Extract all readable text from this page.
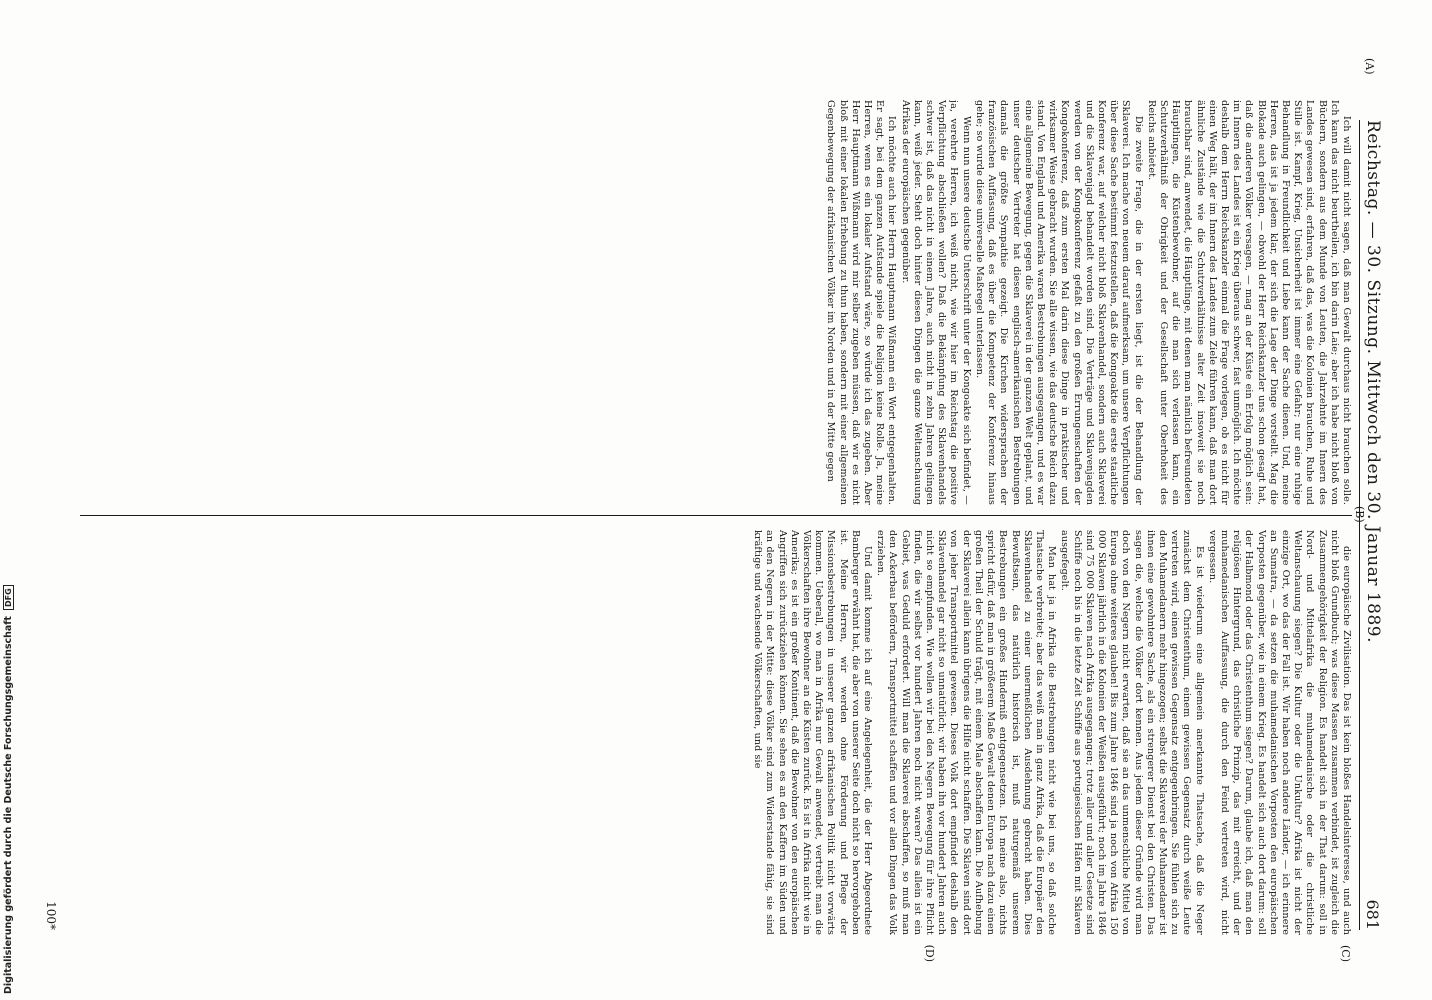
Reichstag. — 30. Sitzung. Mittwoch den 30. Januar 1889.
681
(A)
(B)
(C)
(D)

Ich will damit nicht sagen, daß man Gewalt durchaus nicht brauchen solle. Ich kann das nicht beurtheilen, ich bin darin Laie; aber ich habe nicht bloß von Büchern, sondern aus dem Munde von Leuten, die Jahrzehnte im Innern des Landes gewesen sind, erfahren, daß das, was die Kolonien brauchen, Ruhe und Stille ist. Kampf, Krieg, Unsicherheit ist immer eine Gefahr; nur eine ruhige Behandlung in Freundlichkeit und Liebe kann der Sache dienen. Und, meine Herren, das ist ja jedem klar, der sich die Lage der Dinge vorstellt. Mag die Blokade auch gelingen, — obwohl der Herr Reichskanzler uns schon gesagt hat, daß die anderen Völker versagen, — mag an der Küste ein Erfolg möglich sein: im Innern des Landes ist ein Krieg überaus schwer, fast unmöglich. Ich möchte deshalb dem Herrn Reichskanzler einmal die Frage vorlegen, ob es nicht für einen Weg hält, der im Innern des Landes zum Ziele führen kann, daß man dort ähnliche Zustände wie die Schutzverhältnisse alter Zeit insoweit sie noch brauchbar sind, anwendet, die Häuptlinge, mit denen man nämlich befreundeten Häuptlingen, die Küstenbewohner, auf die man sich verlassen kann, ein Schutzverhältniß der Obrigkeit und der Gesellschaft unter Oberhoheit des Reichs anbietet.

Die zweite Frage, die in der ersten liegt, ist die der Behandlung der Sklaverei. Ich mache von neuem darauf aufmerksam, um unsere Verpflichtungen über diese Sache bestimmt festzustellen, daß die Kongoakte die erste staatliche Konferenz war, auf welcher nicht bloß Sklavenhandel, sondern auch Sklaverei und die Sklavenjagd behandelt worden sind. Die Verträge und Sklavenjagden werden von der Kongokonferenz gefaßt zu den großen Errungenschaften der Kongokonferenz, daß zum ersten Mal darin diese Dinge in praktischer und wirksamer Weise gebracht wurden. Sie alle wissen, wie das deutsche Reich dazu stand. Von England und Amerika waren Bestrebungen ausgegangen, und es war eine allgemeine Bewegung, gegen die Sklaverei in der ganzen Welt geplant, und unser deutscher Vertreter hat diesen englisch-amerikanischen Bestrebungen damals die größte Sympathie gezeigt. Die Kirchen widersprachen der französischen Auffassung, daß es über die Kompetenz der Konferenz hinaus gehe; so wurde diese universelle Maßregel unterlassen.

Wenn nun unsere deutsche Unterschrift unter der Kongoakte sich befindet, — ja, verehrte Herren, ich weiß nicht, wie wir hier im Reichstag die positive Verpflichtung abschließen wollen? Daß die Bekämpfung des Sklavenhandels schwer ist, daß das nicht in einem Jahre, auch nicht in zehn Jahren gelingen kann, weiß jeder. Steht doch hinter diesen Dingen die ganze Weltanschauung Afrikas der europäischen gegenüber.

Ich möchte auch hier Herrn Hauptmann Wißmann ein Wort entgegenhalten. Er sagt, bei dem ganzen Aufstande spiele die Religion keine Rolle. Ja, meine Herren, wenn es ein lokaler Aufstand wäre, so würde ich das zugeben. Aber Herr Hauptmann Wißmann wird mir selber zugeben müssen, daß wir es nicht bloß mit einer lokalen Erhebung zu thun haben, sondern mit einer allgemeinen Gegenbewegung der afrikanischen Völker im Norden und in der Mitte gegen

die europäische Zivilisation. Das ist kein bloßes Handelsinteresse, und auch nicht bloß Grundbuch; was diese Massen zusammen verbindet, ist zugleich die Zusammengehörigkeit der Religion. Es handelt sich in der That darum: soll in Nord- und Mittelafrika die muhamedanische oder die christliche Weltanschauung siegen? Die Kultur oder die Unkultur? Afrika ist nicht der einzige Ort, wo das der Fall ist. Wir haben noch andere Länder, — ich erinnere an Sumatra, — da setzen die muhamedanischen Vorposten den europäischen Vorposten gegenüber, wie in einem Krieg. Es handelt sich auch dort darum: soll der Halbmond oder das Christenthum siegen? Darum, glaube ich, daß man den religiösen Hintergrund, das christliche Prinzip, das mit erreicht, und der muhamedanischen Auffassung, die durch den Feind vertreten wird, nicht vergessen.

Es ist wiederum eine allgemein anerkannte Thatsache, daß die Neger zunächst dem Christenthum, einem gewissen Gegensatz durch weiße Leute vertreten wird, einen gewissen Gegensatz entgegenbringen. Sie fühlen sich zu den Muhamedanern mehr hingezogen; selbst die Sklaverei der Muhamedaner ist ihnen eine gewohntere Sache, als ein strengerer Dienst bei den Christen. Das sagen die, welche die Völker dort kennen. Aus jedem dieser Gründe wird man doch von den Negern nicht erwarten, daß sie an das unmenschliche Mittel von Europa ohne weiteres glauben! Bis zum Jahre 1846 sind ja noch von Afrika 150 000 Sklaven jährlich in die Kolonien der Weißen ausgeführt; noch im Jahre 1846 sind 75 000 Sklaven nach Afrika ausgegangen; trotz aller und aller Gesetze sind Schiffe noch bis in die letzte Zeit Schiffe aus portugiesischen Häfen mit Sklaven ausgefegelt.

Man hat ja in Afrika die Bestrebungen nicht wie bei uns, so daß solche Thatsache verbreitet; aber das weiß man in ganz Afrika, daß die Europäer den Sklavenhandel zu einer unermeßlichen Ausdehnung gebracht haben. Dies Bewußtsein, das natürlich historisch ist, muß naturgemäß unserem Bestrebungen ein großes Hinderniß entgegensetzen. Ich meine also, nichts spricht dafür, daß man in größerem Maße Gewalt denen Europa nach dazu einen großen Theil der Schuld trägt, mit einem Male abschaffen kann. Die Aufhebung der Sklaverei allein kann übrigens die Hilfe nicht schaffen. Die Sklaven sind dort von jeher Transportmittel gewesen. Dieses Volk dort empfindet deshalb den Sklavenhandel gar nicht so unnatürlich; wir haben ihn vor hundert Jahren auch nicht so empfunden. Wie wollen wir bei den Negern Bewegung für ihre Pflicht finden, die wir selbst vor hundert Jahren noch nicht waren? Das allein ist ein Gebiet, was Geduld erfordert. Will man die Sklaverei abschaffen, so muß man den Ackerbau befördern, Transportmittel schaffen und vor allen Dingen das Volk erziehen.

Und damit komme ich auf eine Angelegenheit, die der Herr Abgeordnete Bamberger erwähnt hat, die aber von unserer Seite doch nicht so hervorgehoben ist. Meine Herren, wir werden ohne Förderung und Pflege der Missionsbestrebungen in unserer ganzen afrikanischen Politik nicht vorwärts kommen. Ueberall, wo man in Afrika nur Gewalt anwendet, vertreibt man die Völkerschaften ihre Bewohner an die Küsten zurück. Es ist in Afrika nicht wie in Amerika; es ist ein großer Kontinent, daß die Bewohner von den europäischen Angriffen sich zurückziehen können. Sie sehen es an den Kaffern im Süden und an den Negern in der Mitte: diese Völker sind zum Widerstande fähig, sie sind kräftige und wachsende Völkerschaften, und sie

100*
Digitalisierung gefördert durch die Deutsche Forschungsgemeinschaft
DFG
